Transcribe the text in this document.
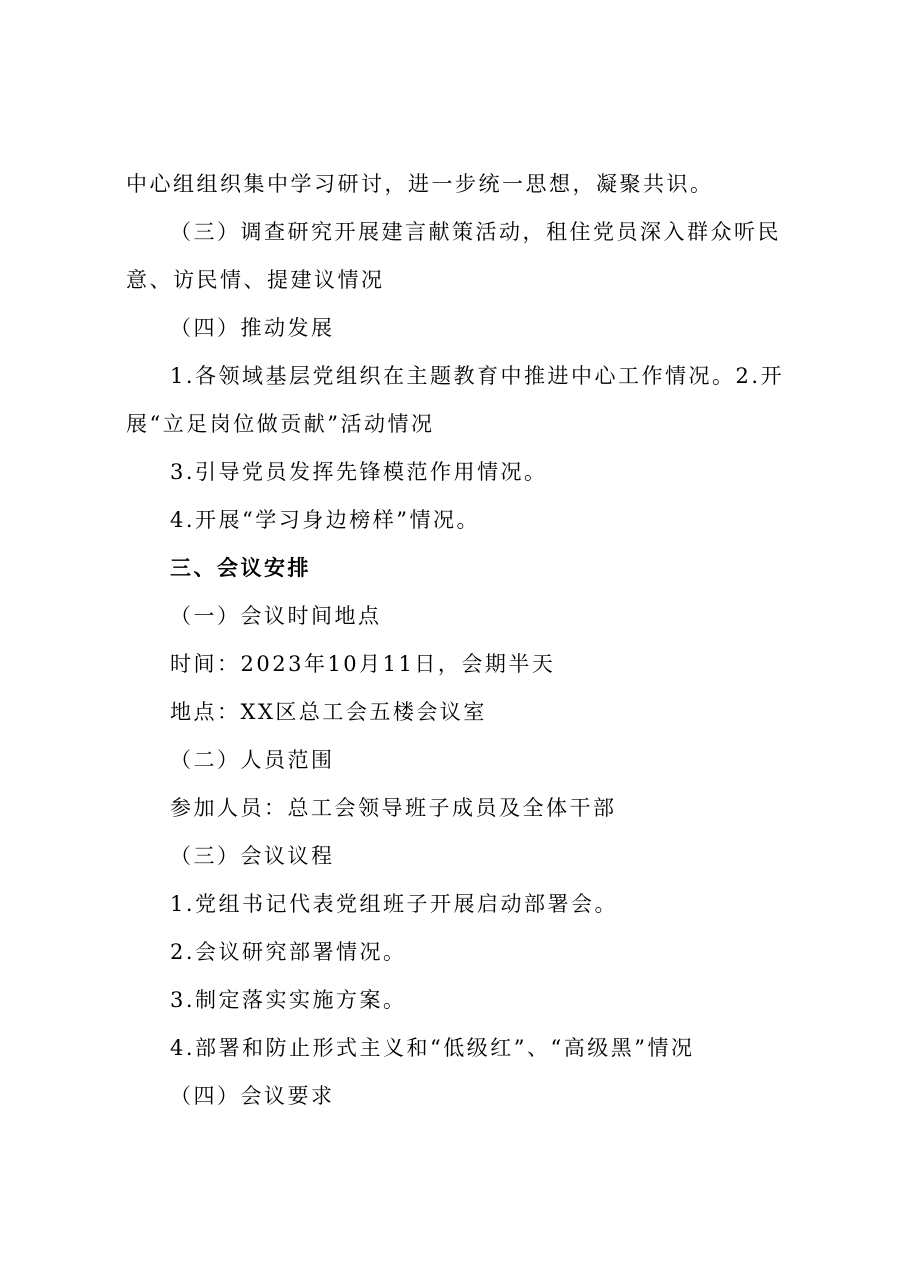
中心组组织集中学习研讨，进一步统一思想，凝聚共识。
（三）调查研究开展建言献策活动，租住党员深入群众听民
意、访民情、提建议情况
（四）推动发展
1.各领域基层党组织在主题教育中推进中心工作情况。2.开
展“立足岗位做贡献”活动情况
3.引导党员发挥先锋模范作用情况。
4.开展“学习身边榜样”情况。
三、会议安排
（一）会议时间地点
时间：2023年10月11日，会期半天
地点：XX区总工会五楼会议室
（二）人员范围
参加人员：总工会领导班子成员及全体干部
（三）会议议程
1.党组书记代表党组班子开展启动部署会。
2.会议研究部署情况。
3.制定落实实施方案。
4.部署和防止形式主义和“低级红”、“高级黑”情况
（四）会议要求
